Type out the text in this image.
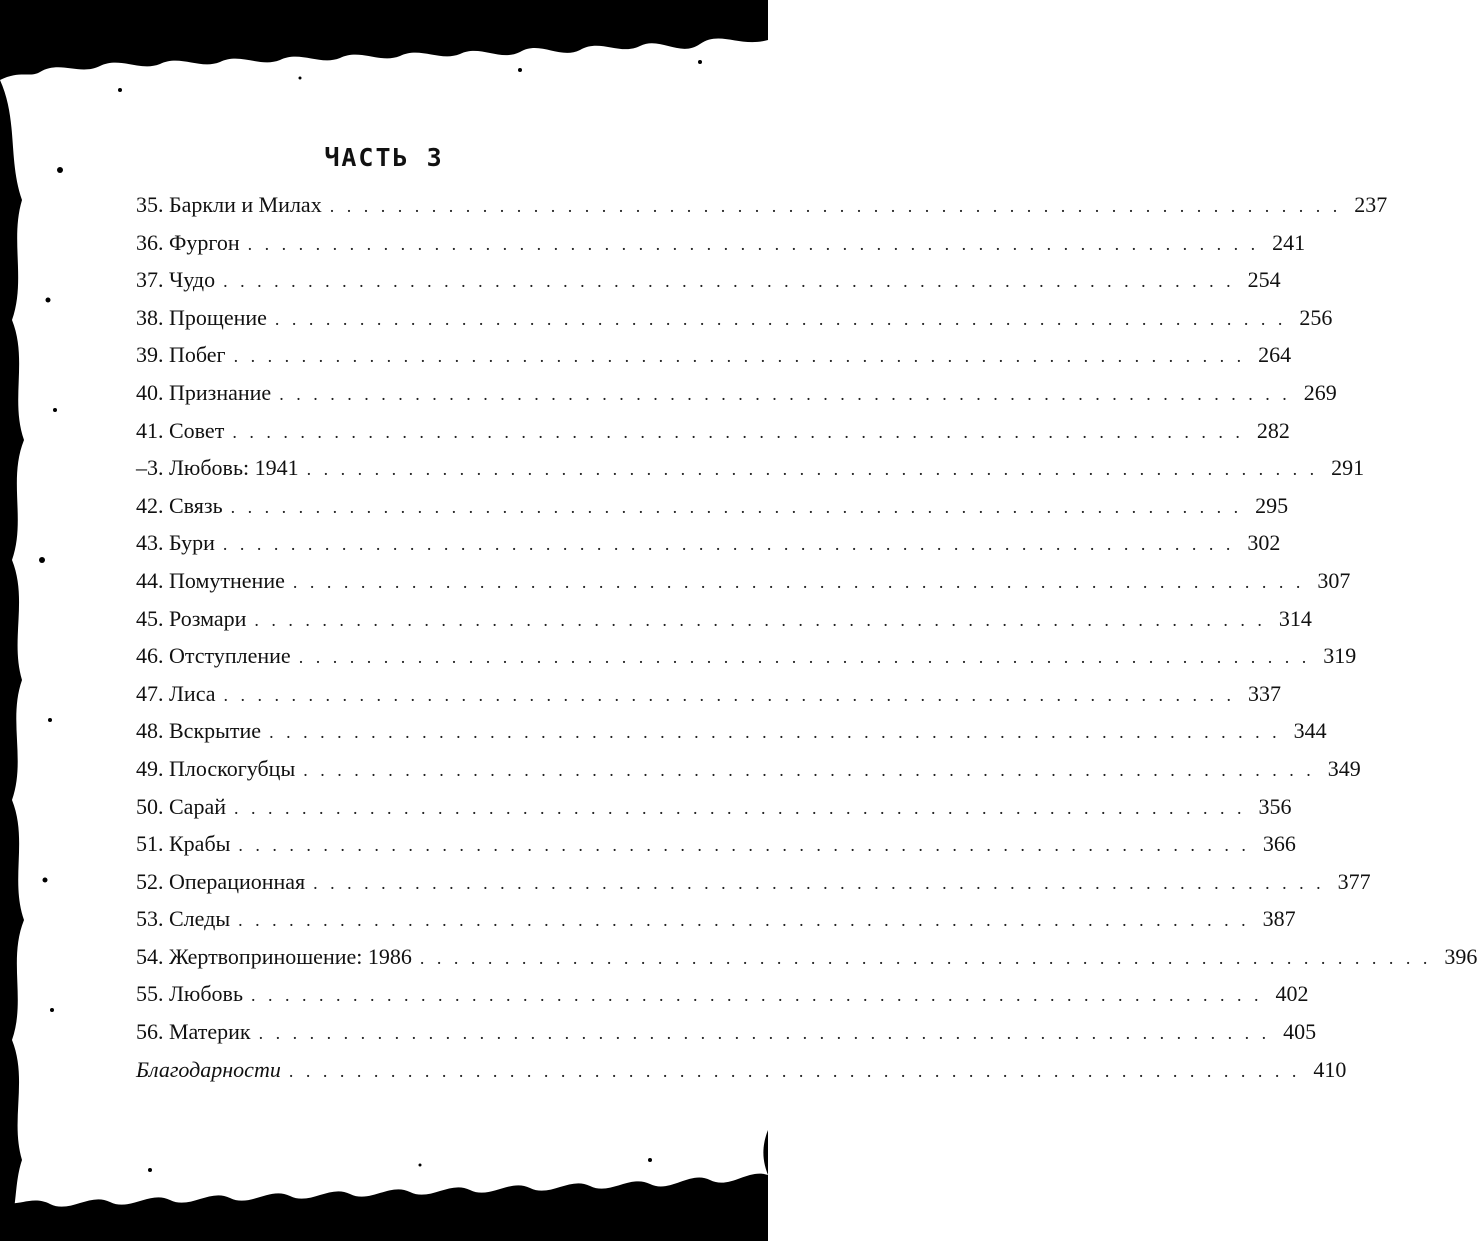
ЧАСТЬ 3
35. Баркли и Милах . . . . . . . . . . . . . . . . . . . . . . . . . . . . . . . . . . . . . . . . . . . . . . . . . . . . . . . . . . . . 237
36. Фургон . . . . . . . . . . . . . . . . . . . . . . . . . . . . . . . . . . . . . . . . . . . . . . . . . . . . . . . . . . . . 241
37. Чудо . . . . . . . . . . . . . . . . . . . . . . . . . . . . . . . . . . . . . . . . . . . . . . . . . . . . . . . . . . . . 254
38. Прощение . . . . . . . . . . . . . . . . . . . . . . . . . . . . . . . . . . . . . . . . . . . . . . . . . . . . . . . . . . . . 256
39. Побег . . . . . . . . . . . . . . . . . . . . . . . . . . . . . . . . . . . . . . . . . . . . . . . . . . . . . . . . . . . . 264
40. Признание . . . . . . . . . . . . . . . . . . . . . . . . . . . . . . . . . . . . . . . . . . . . . . . . . . . . . . . . . . . . 269
41. Совет . . . . . . . . . . . . . . . . . . . . . . . . . . . . . . . . . . . . . . . . . . . . . . . . . . . . . . . . . . . . 282
–3. Любовь: 1941 . . . . . . . . . . . . . . . . . . . . . . . . . . . . . . . . . . . . . . . . . . . . . . . . . . . . . . . . . . . . 291
42. Связь . . . . . . . . . . . . . . . . . . . . . . . . . . . . . . . . . . . . . . . . . . . . . . . . . . . . . . . . . . . . 295
43. Бури . . . . . . . . . . . . . . . . . . . . . . . . . . . . . . . . . . . . . . . . . . . . . . . . . . . . . . . . . . . . 302
44. Помутнение . . . . . . . . . . . . . . . . . . . . . . . . . . . . . . . . . . . . . . . . . . . . . . . . . . . . . . . . . . . . 307
45. Розмари . . . . . . . . . . . . . . . . . . . . . . . . . . . . . . . . . . . . . . . . . . . . . . . . . . . . . . . . . . . . 314
46. Отступление . . . . . . . . . . . . . . . . . . . . . . . . . . . . . . . . . . . . . . . . . . . . . . . . . . . . . . . . . . . . 319
47. Лиса . . . . . . . . . . . . . . . . . . . . . . . . . . . . . . . . . . . . . . . . . . . . . . . . . . . . . . . . . . . . 337
48. Вскрытие . . . . . . . . . . . . . . . . . . . . . . . . . . . . . . . . . . . . . . . . . . . . . . . . . . . . . . . . . . . . 344
49. Плоскогубцы . . . . . . . . . . . . . . . . . . . . . . . . . . . . . . . . . . . . . . . . . . . . . . . . . . . . . . . . . . . . 349
50. Сарай . . . . . . . . . . . . . . . . . . . . . . . . . . . . . . . . . . . . . . . . . . . . . . . . . . . . . . . . . . . . 356
51. Крабы . . . . . . . . . . . . . . . . . . . . . . . . . . . . . . . . . . . . . . . . . . . . . . . . . . . . . . . . . . . . 366
52. Операционная . . . . . . . . . . . . . . . . . . . . . . . . . . . . . . . . . . . . . . . . . . . . . . . . . . . . . . . . . . . . 377
53. Следы . . . . . . . . . . . . . . . . . . . . . . . . . . . . . . . . . . . . . . . . . . . . . . . . . . . . . . . . . . . . 387
54. Жертвоприношение: 1986 . . . . . . . . . . . . . . . . . . . . . . . . . . . . . . . . . . . . . . . . . . . . . . . . . . . . . . . . . . . . 396
55. Любовь . . . . . . . . . . . . . . . . . . . . . . . . . . . . . . . . . . . . . . . . . . . . . . . . . . . . . . . . . . . . 402
56. Материк . . . . . . . . . . . . . . . . . . . . . . . . . . . . . . . . . . . . . . . . . . . . . . . . . . . . . . . . . . . . 405
Благодарности . . . . . . . . . . . . . . . . . . . . . . . . . . . . . . . . . . . . . . . . . . . . . . . . . . . . . . . . . . . . 410
